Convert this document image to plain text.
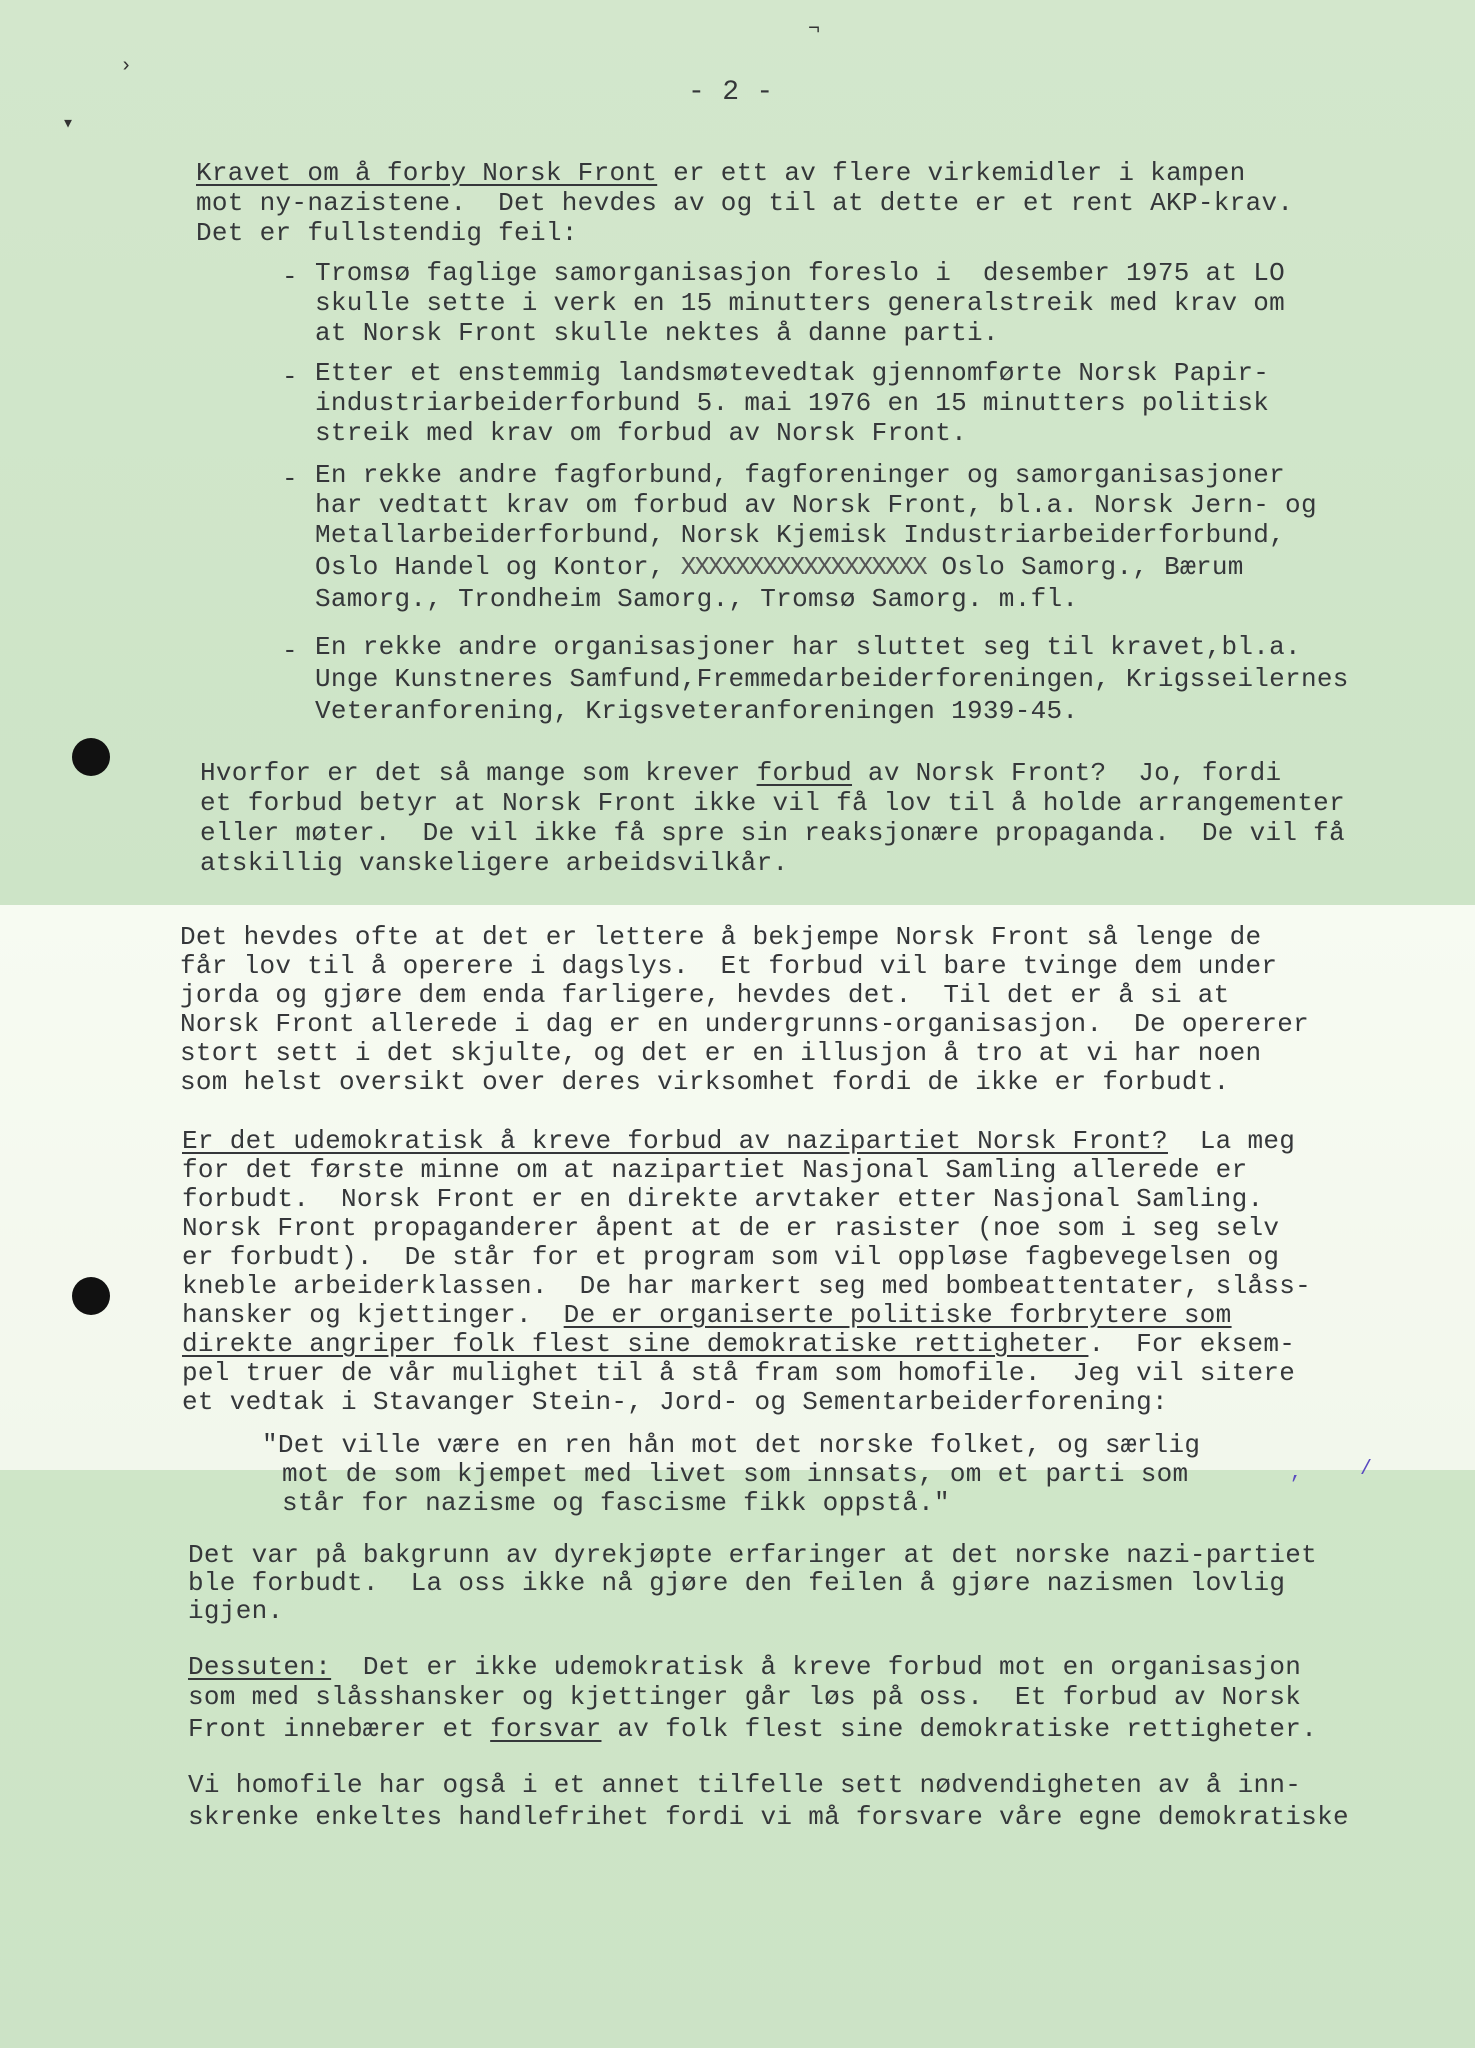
›
▾
¬
- 2 -
Kravet om å forby Norsk Front er ett av flere virkemidler i kampen
mot ny-nazistene.  Det hevdes av og til at dette er et rent AKP-krav.
Det er fullstendig feil:
- Tromsø faglige samorganisasjon foreslo i  desember 1975 at LO
skulle sette i verk en 15 minutters generalstreik med krav om
at Norsk Front skulle nektes å danne parti.
- Etter et enstemmig landsmøtevedtak gjennomførte Norsk Papir-
industriarbeiderforbund 5. mai 1976 en 15 minutters politisk
streik med krav om forbud av Norsk Front.
- En rekke andre fagforbund, fagforeninger og samorganisasjoner
har vedtatt krav om forbud av Norsk Front, bl.a. Norsk Jern- og
Metallarbeiderforbund, Norsk Kjemisk Industriarbeiderforbund,
Oslo Handel og Kontor, XXXXXXXXXXXXXXXXXX Oslo Samorg., Bærum
Samorg., Trondheim Samorg., Tromsø Samorg. m.fl.
- En rekke andre organisasjoner har sluttet seg til kravet,bl.a.
Unge Kunstneres Samfund,Fremmedarbeiderforeningen, Krigsseilernes
Veteranforening, Krigsveteranforeningen 1939-45.
Hvorfor er det så mange som krever forbud av Norsk Front?  Jo, fordi
et forbud betyr at Norsk Front ikke vil få lov til å holde arrangementer
eller møter.  De vil ikke få spre sin reaksjonære propaganda.  De vil få
atskillig vanskeligere arbeidsvilkår.
Det hevdes ofte at det er lettere å bekjempe Norsk Front så lenge de
får lov til å operere i dagslys.  Et forbud vil bare tvinge dem under
jorda og gjøre dem enda farligere, hevdes det.  Til det er å si at
Norsk Front allerede i dag er en undergrunns-organisasjon.  De opererer
stort sett i det skjulte, og det er en illusjon å tro at vi har noen
som helst oversikt over deres virksomhet fordi de ikke er forbudt.
Er det udemokratisk å kreve forbud av nazipartiet Norsk Front?  La meg
for det første minne om at nazipartiet Nasjonal Samling allerede er
forbudt.  Norsk Front er en direkte arvtaker etter Nasjonal Samling.
Norsk Front propaganderer åpent at de er rasister (noe som i seg selv
er forbudt).  De står for et program som vil oppløse fagbevegelsen og
kneble arbeiderklassen.  De har markert seg med bombeattentater, slåss-
hansker og kjettinger.  De er organiserte politiske forbrytere som
direkte angriper folk flest sine demokratiske rettigheter.  For eksem-
pel truer de vår mulighet til å stå fram som homofile.  Jeg vil sitere
et vedtak i Stavanger Stein-, Jord- og Sementarbeiderforening:
"Det ville være en ren hån mot det norske folket, og særlig
mot de som kjempet med livet som innsats, om et parti som
står for nazisme og fascisme fikk oppstå."
,	/
Det var på bakgrunn av dyrekjøpte erfaringer at det norske nazi-partiet
ble forbudt.  La oss ikke nå gjøre den feilen å gjøre nazismen lovlig
igjen.
Dessuten:  Det er ikke udemokratisk å kreve forbud mot en organisasjon
som med slåsshansker og kjettinger går løs på oss.  Et forbud av Norsk
Front innebærer et forsvar av folk flest sine demokratiske rettigheter.
Vi homofile har også i et annet tilfelle sett nødvendigheten av å inn-
skrenke enkeltes handlefrihet fordi vi må forsvare våre egne demokratiske
